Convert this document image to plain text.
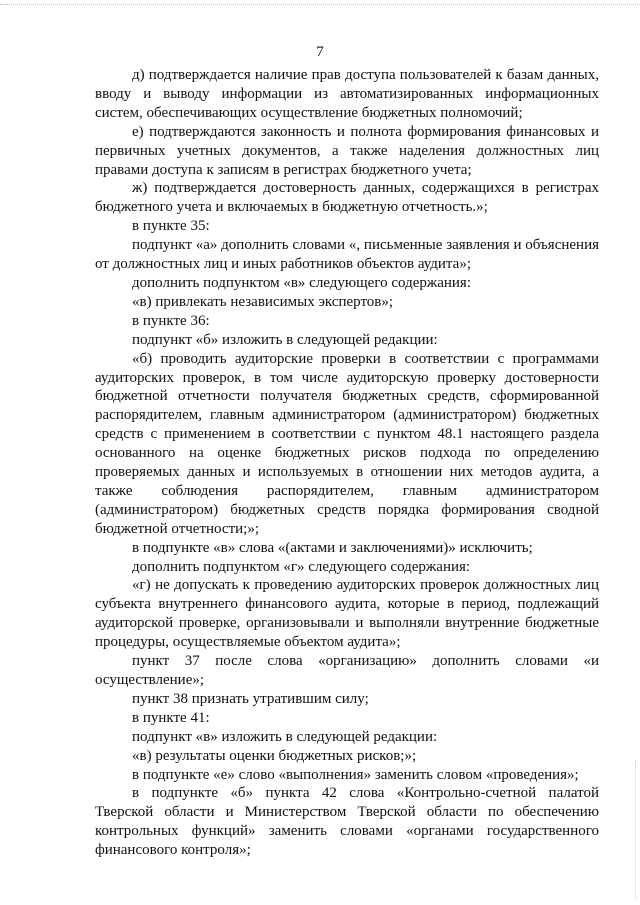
7

д) подтверждается наличие прав доступа пользователей к базам данных, вводу и выводу информации из автоматизированных информационных систем, обеспечивающих осуществление бюджетных полномочий;

е) подтверждаются законность и полнота формирования финансовых и первичных учетных документов, а также наделения должностных лиц правами доступа к записям в регистрах бюджетного учета;

ж) подтверждается достоверность данных, содержащихся в регистрах бюджетного учета и включаемых в бюджетную отчетность.»;

в пункте 35:

подпункт «а» дополнить словами «, письменные заявления и объяснения от должностных лиц и иных работников объектов аудита»;

дополнить подпунктом «в» следующего содержания:

«в) привлекать независимых экспертов»;

в пункте 36:

подпункт «б» изложить в следующей редакции:

«б) проводить аудиторские проверки в соответствии с программами аудиторских проверок, в том числе аудиторскую проверку достоверности бюджетной отчетности получателя бюджетных средств, сформированной распорядителем, главным администратором (администратором) бюджетных средств с применением в соответствии с пунктом 48.1 настоящего раздела основанного на оценке бюджетных рисков подхода по определению проверяемых данных и используемых в отношении них методов аудита, а также соблюдения распорядителем, главным администратором (администратором) бюджетных средств порядка формирования сводной бюджетной отчетности;»;

в подпункте «в» слова «(актами и заключениями)» исключить;

дополнить подпунктом «г» следующего содержания:

«г) не допускать к проведению аудиторских проверок должностных лиц субъекта внутреннего финансового аудита, которые в период, подлежащий аудиторской проверке, организовывали и выполняли внутренние бюджетные процедуры, осуществляемые объектом аудита»;

пункт 37 после слова «организацию» дополнить словами «и осуществление»;

пункт 38 признать утратившим силу;

в пункте 41:

подпункт «в» изложить в следующей редакции:

«в) результаты оценки бюджетных рисков;»;

в подпункте «е» слово «выполнения» заменить словом «проведения»;

в подпункте «б» пункта 42 слова «Контрольно-счетной палатой Тверской области и Министерством Тверской области по обеспечению контрольных функций» заменить словами «органами государственного финансового контроля»;
